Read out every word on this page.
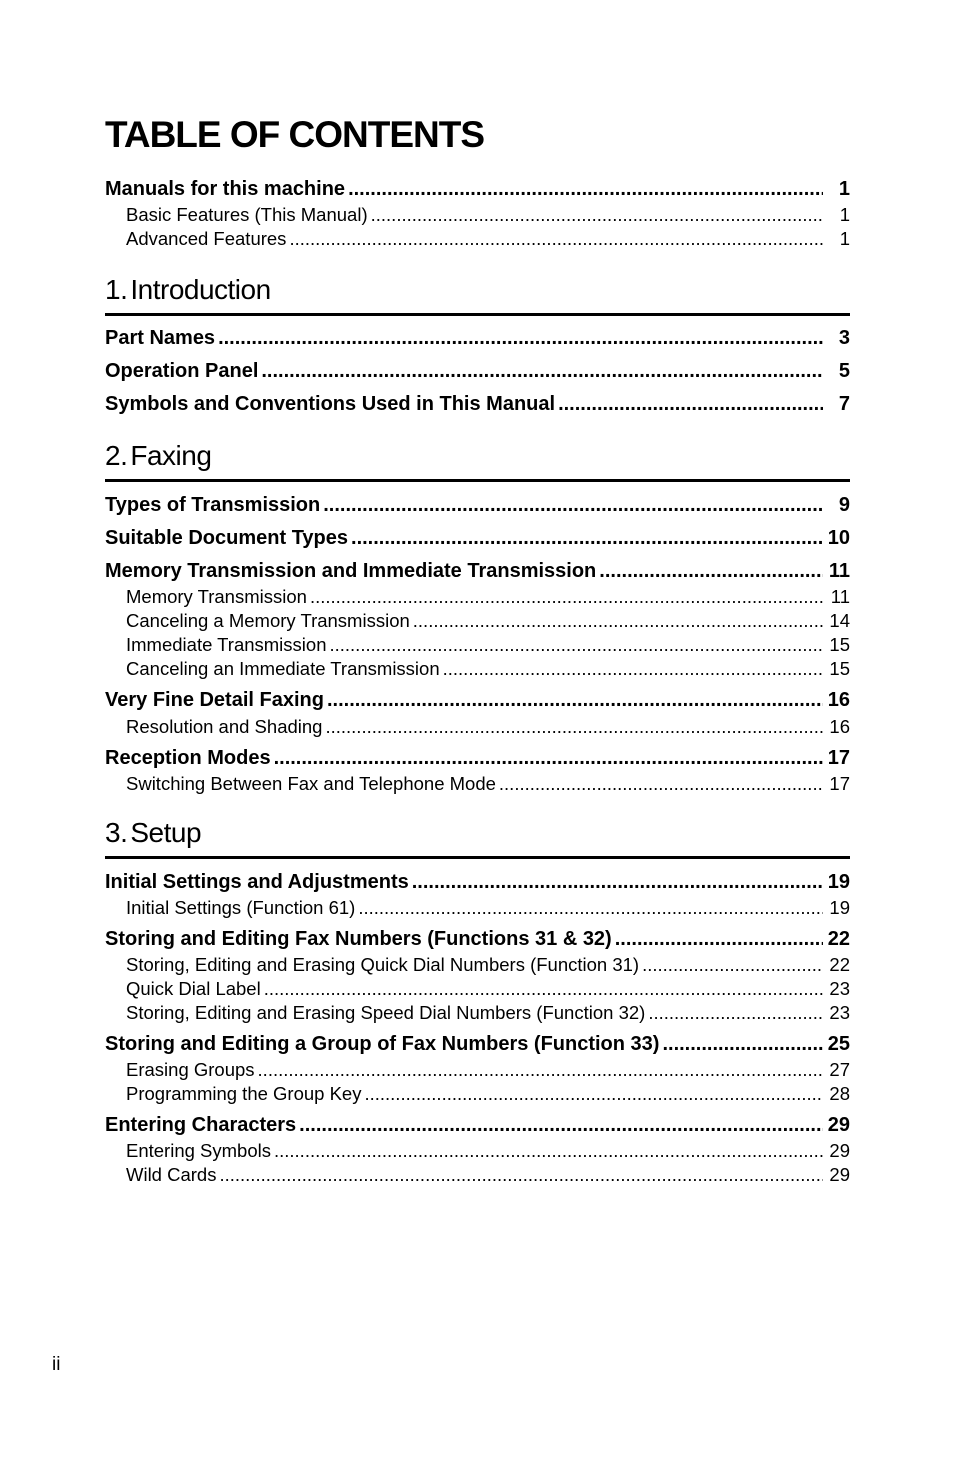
TABLE OF CONTENTS
Manuals for this machine .....	1
Basic Features (This Manual) .....	1
Advanced Features .....	1
1. Introduction
Part Names .....	3
Operation Panel .....	5
Symbols and Conventions Used in This Manual .....	7
2. Faxing
Types of Transmission .....	9
Suitable Document Types .....	10
Memory Transmission and Immediate Transmission .....	11
Memory Transmission .....	11
Canceling a Memory Transmission .....	14
Immediate Transmission .....	15
Canceling an Immediate Transmission .....	15
Very Fine Detail Faxing .....	16
Resolution and Shading .....	16
Reception Modes .....	17
Switching Between Fax and Telephone Mode .....	17
3. Setup
Initial Settings and Adjustments .....	19
Initial Settings (Function 61) .....	19
Storing and Editing Fax Numbers (Functions 31 & 32) .....	22
Storing, Editing and Erasing Quick Dial Numbers (Function 31) .....	22
Quick Dial Label .....	23
Storing, Editing and Erasing Speed Dial Numbers (Function 32) .....	23
Storing and Editing a Group of Fax Numbers (Function 33) .....	25
Erasing Groups .....	27
Programming the Group Key .....	28
Entering Characters .....	29
Entering Symbols .....	29
Wild Cards .....	29
ii
